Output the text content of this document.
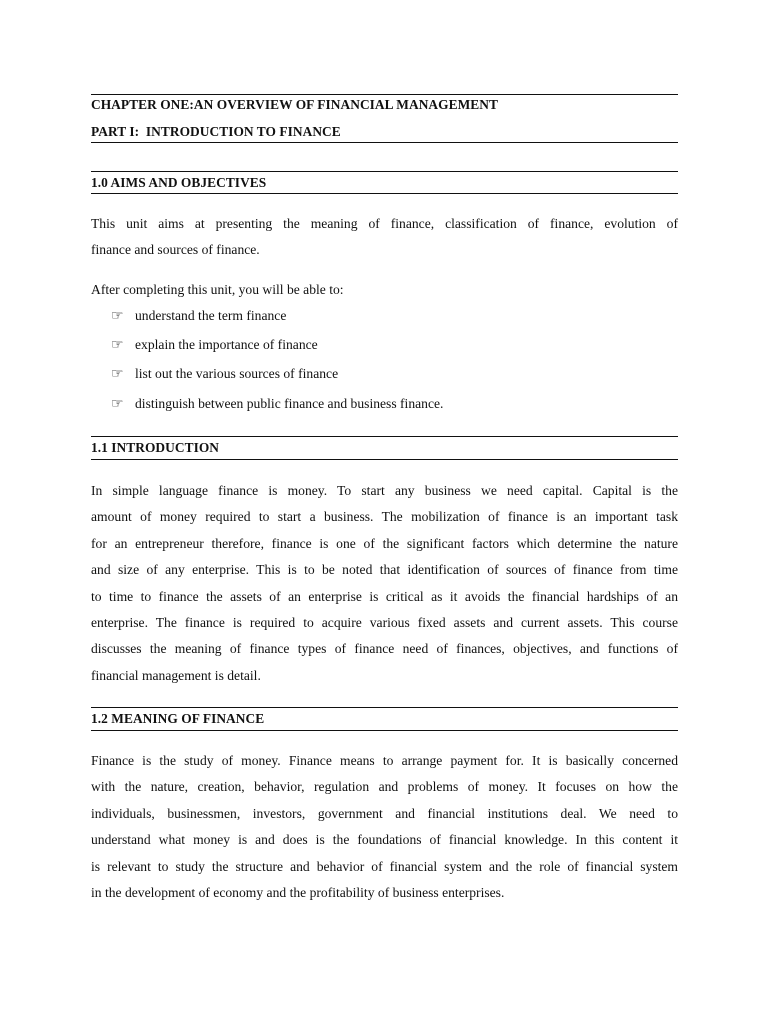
CHAPTER ONE:AN OVERVIEW OF FINANCIAL MANAGEMENT
PART I:  INTRODUCTION TO FINANCE
1.0 AIMS AND OBJECTIVES
This unit aims at presenting the meaning of finance, classification of finance, evolution of
finance and sources of finance.
After completing this unit, you will be able to:
☞ understand the term finance
☞ explain the importance of finance
☞ list out the various sources of finance
☞ distinguish between public finance and business finance.
1.1 INTRODUCTION
In simple language finance is money. To start any business we need capital. Capital is the
amount of money required to start a business. The mobilization of finance is an important task
for an entrepreneur therefore, finance is one of the significant factors which determine the nature
and size of any enterprise. This is to be noted that identification of sources of finance from time
to time to finance the assets of an enterprise is critical as it avoids the financial hardships of an
enterprise. The finance is required to acquire various fixed assets and current assets. This course
discusses the meaning of finance types of finance need of finances, objectives, and functions of
financial management is detail.
1.2 MEANING OF FINANCE
Finance is the study of money. Finance means to arrange payment for. It is basically concerned
with the nature, creation, behavior, regulation and problems of money. It focuses on how the
individuals, businessmen, investors, government and financial institutions deal. We need to
understand what money is and does is the foundations of financial knowledge. In this content it
is relevant to study the structure and behavior of financial system and the role of financial system
in the development of economy and the profitability of business enterprises.
